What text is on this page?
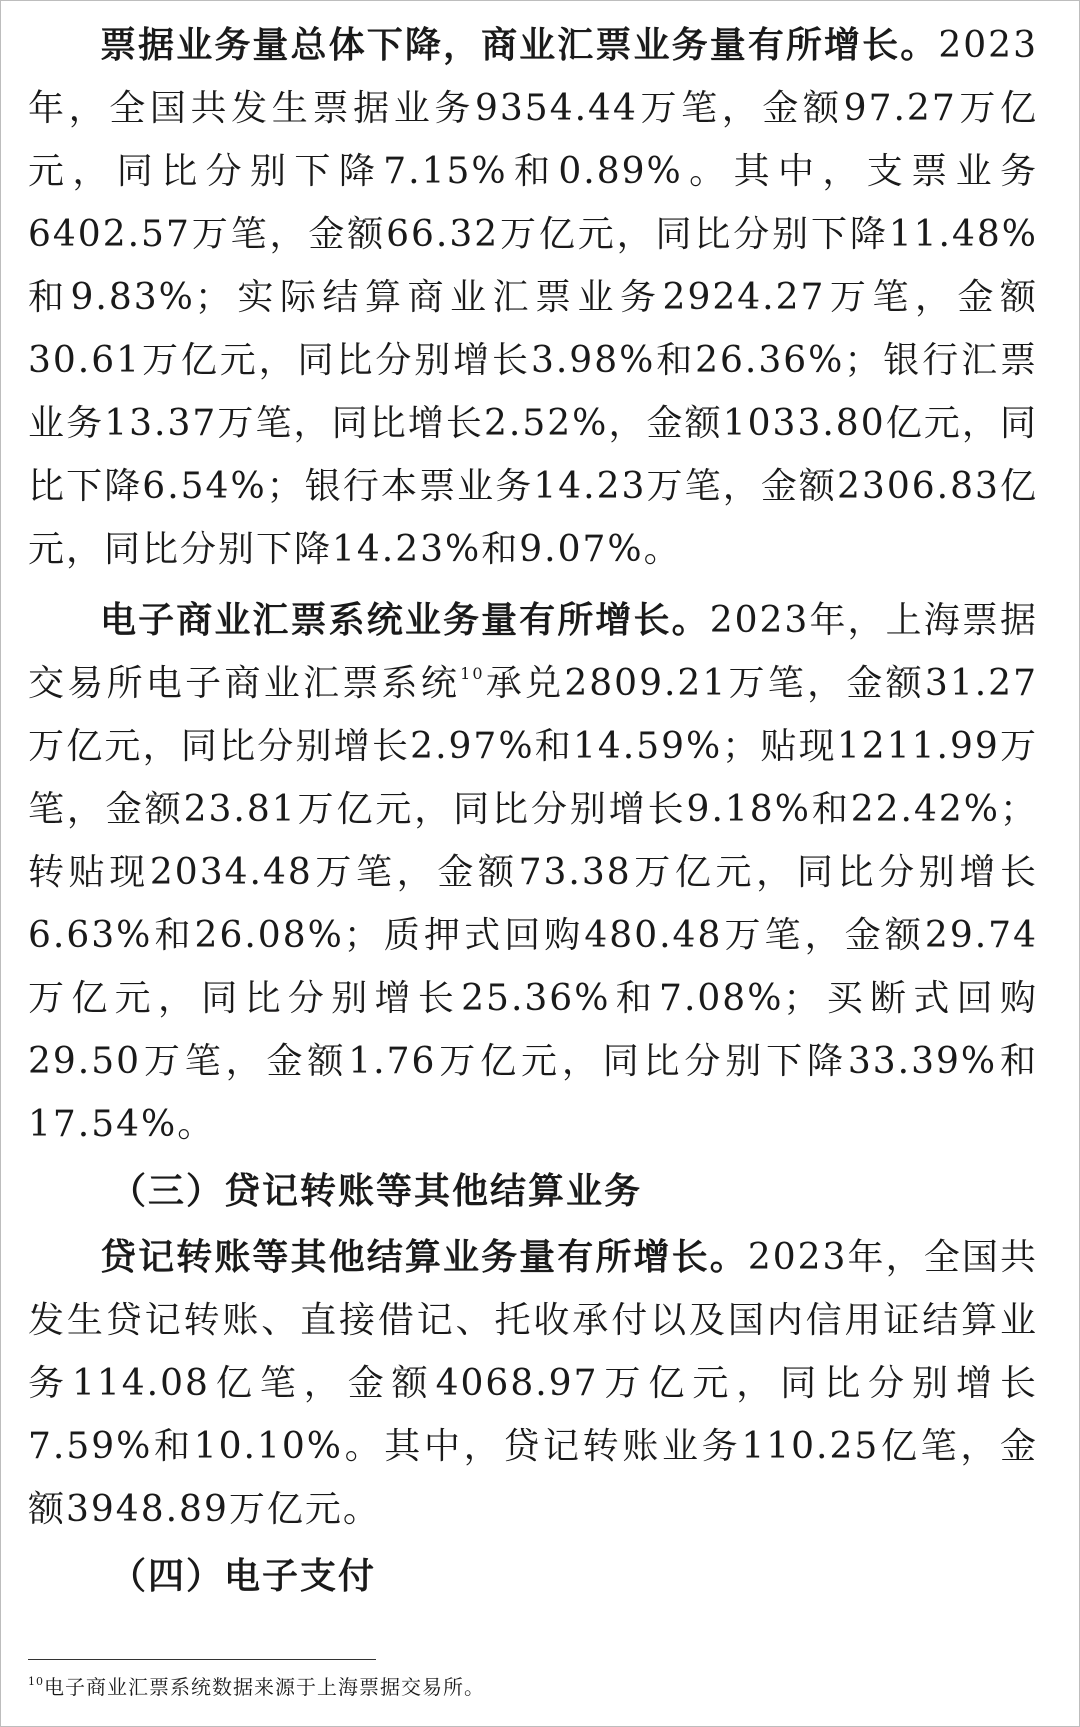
票据业务量总体下降，商业汇票业务量有所增长。2023年，全国共发生票据业务9354.44万笔，金额97.27万亿元，同比分别下降7.15%和0.89%。其中，支票业务6402.57万笔，金额66.32万亿元，同比分别下降11.48%和9.83%；实际结算商业汇票业务2924.27万笔，金额30.61万亿元，同比分别增长3.98%和26.36%；银行汇票业务13.37万笔，同比增长2.52%，金额1033.80亿元，同比下降6.54%；银行本票业务14.23万笔，金额2306.83亿元，同比分别下降14.23%和9.07%。

电子商业汇票系统业务量有所增长。2023年，上海票据交易所电子商业汇票系统$^{10}$承兑2809.21万笔，金额31.27万亿元，同比分别增长2.97%和14.59%；贴现1211.99万笔，金额23.81万亿元，同比分别增长9.18%和22.42%；转贴现2034.48万笔，金额73.38万亿元，同比分别增长6.63%和26.08%；质押式回购480.48万笔，金额29.74万亿元，同比分别增长25.36%和7.08%；买断式回购29.50万笔，金额1.76万亿元，同比分别下降33.39%和17.54%。

（三）贷记转账等其他结算业务

贷记转账等其他结算业务量有所增长。2023年，全国共发生贷记转账、直接借记、托收承付以及国内信用证结算业务114.08亿笔，金额4068.97万亿元，同比分别增长7.59%和10.10%。其中，贷记转账业务110.25亿笔，金额3948.89万亿元。

（四）电子支付

$^{10}$电子商业汇票系统数据来源于上海票据交易所。
